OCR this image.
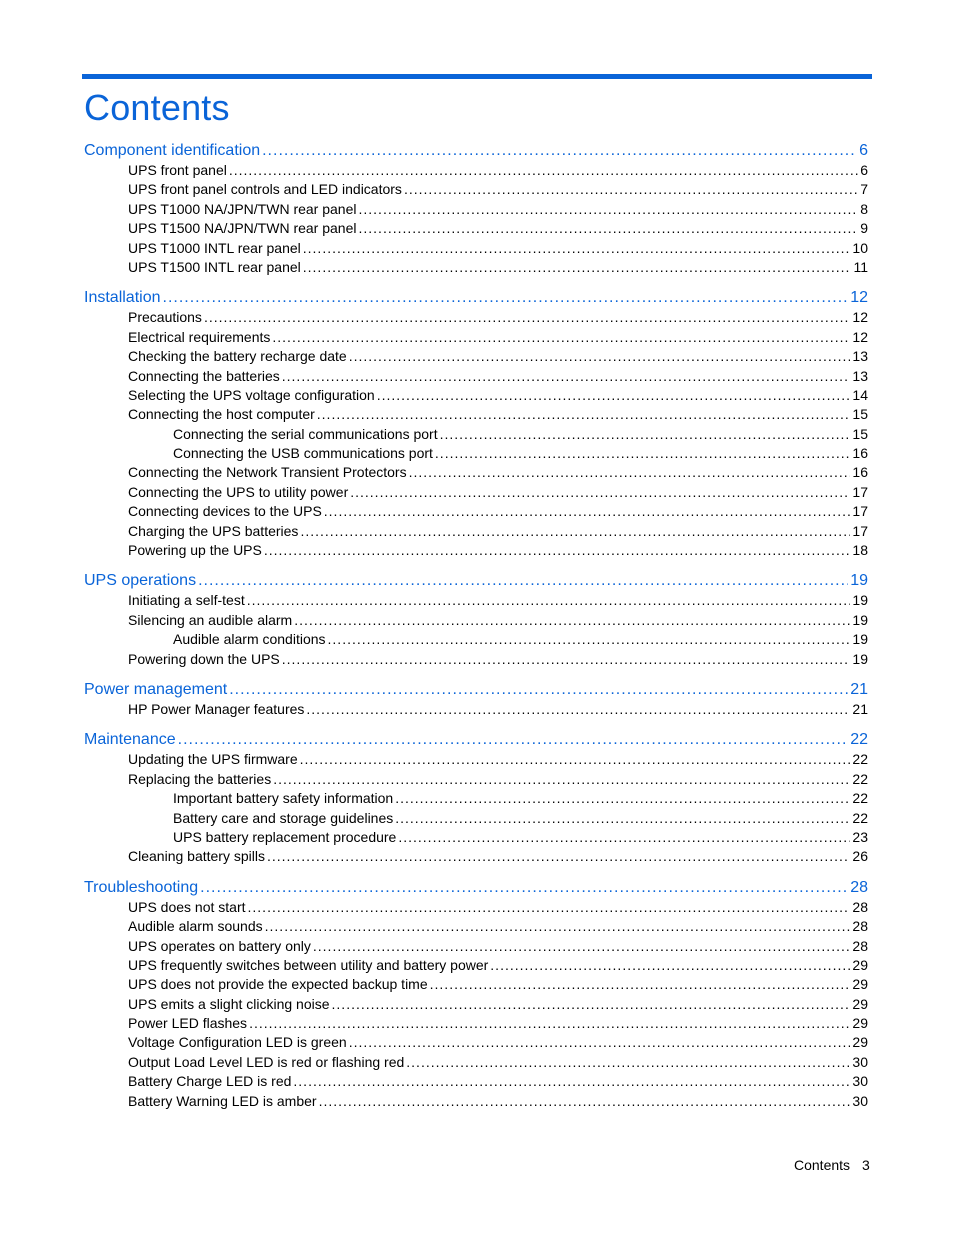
Contents
Component identification .....	6
UPS front panel .....	6
UPS front panel controls and LED indicators .....	7
UPS T1000 NA/JPN/TWN rear panel .....	8
UPS T1500 NA/JPN/TWN rear panel .....	9
UPS T1000 INTL rear panel .....	10
UPS T1500 INTL rear panel .....	11
Installation .....	12
Precautions .....	12
Electrical requirements .....	12
Checking the battery recharge date .....	13
Connecting the batteries .....	13
Selecting the UPS voltage configuration .....	14
Connecting the host computer .....	15
Connecting the serial communications port .....	15
Connecting the USB communications port .....	16
Connecting the Network Transient Protectors .....	16
Connecting the UPS to utility power .....	17
Connecting devices to the UPS .....	17
Charging the UPS batteries .....	17
Powering up the UPS .....	18
UPS operations .....	19
Initiating a self-test .....	19
Silencing an audible alarm .....	19
Audible alarm conditions .....	19
Powering down the UPS .....	19
Power management .....	21
HP Power Manager features .....	21
Maintenance .....	22
Updating the UPS firmware .....	22
Replacing the batteries .....	22
Important battery safety information .....	22
Battery care and storage guidelines .....	22
UPS battery replacement procedure .....	23
Cleaning battery spills .....	26
Troubleshooting .....	28
UPS does not start .....	28
Audible alarm sounds .....	28
UPS operates on battery only .....	28
UPS frequently switches between utility and battery power .....	29
UPS does not provide the expected backup time .....	29
UPS emits a slight clicking noise .....	29
Power LED flashes .....	29
Voltage Configuration LED is green .....	29
Output Load Level LED is red or flashing red .....	30
Battery Charge LED is red .....	30
Battery Warning LED is amber .....	30
Contents 3
